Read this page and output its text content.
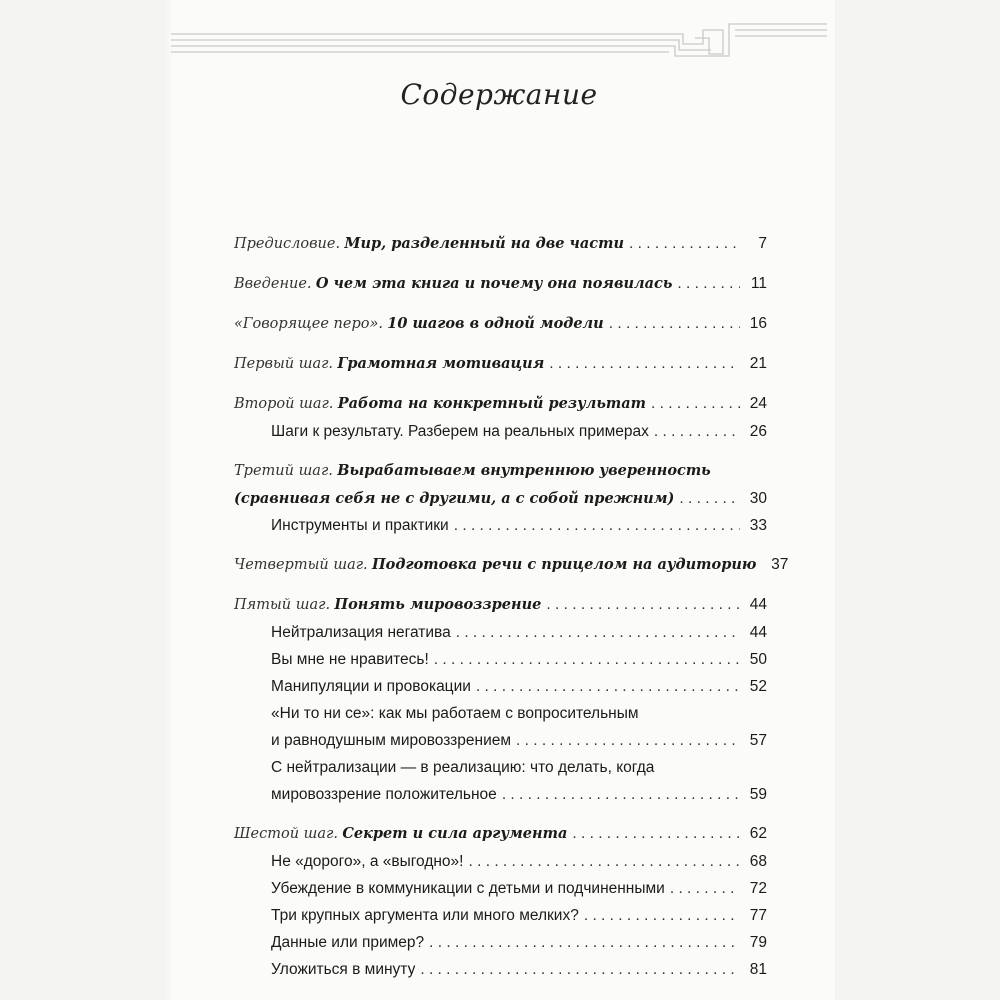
Содержание
Предисловие. Мир, разделенный на две части . . .	7
Введение. О чем эта книга и почему она появилась . . .	11
«Говорящее перо». 10 шагов в одной модели . . .	16
Первый шаг. Грамотная мотивация . . .	21
Второй шаг. Работа на конкретный результат . . .	24
Шаги к результату. Разберем на реальных примерах . . .	26
Третий шаг. Вырабатываем внутреннюю уверенность
(сравнивая себя не с другими, а с собой прежним) . . .	30
Инструменты и практики . . .	33
Четвертый шаг. Подготовка речи с прицелом на аудиторию 37
Пятый шаг. Понять мировоззрение . . .	44
Нейтрализация негатива . . .	44
Вы мне не нравитесь! . . .	50
Манипуляции и провокации . . .	52
«Ни то ни се»: как мы работаем с вопросительным
и равнодушным мировоззрением . . .	57
С нейтрализации — в реализацию: что делать, когда
мировоззрение положительное . . .	59
Шестой шаг. Секрет и сила аргумента . . .	62
Не «дорого», а «выгодно»! . . .	68
Убеждение в коммуникации с детьми и подчиненными . . .	72
Три крупных аргумента или много мелких? . . .	77
Данные или пример? . . .	79
Уложиться в минуту . . .	81
